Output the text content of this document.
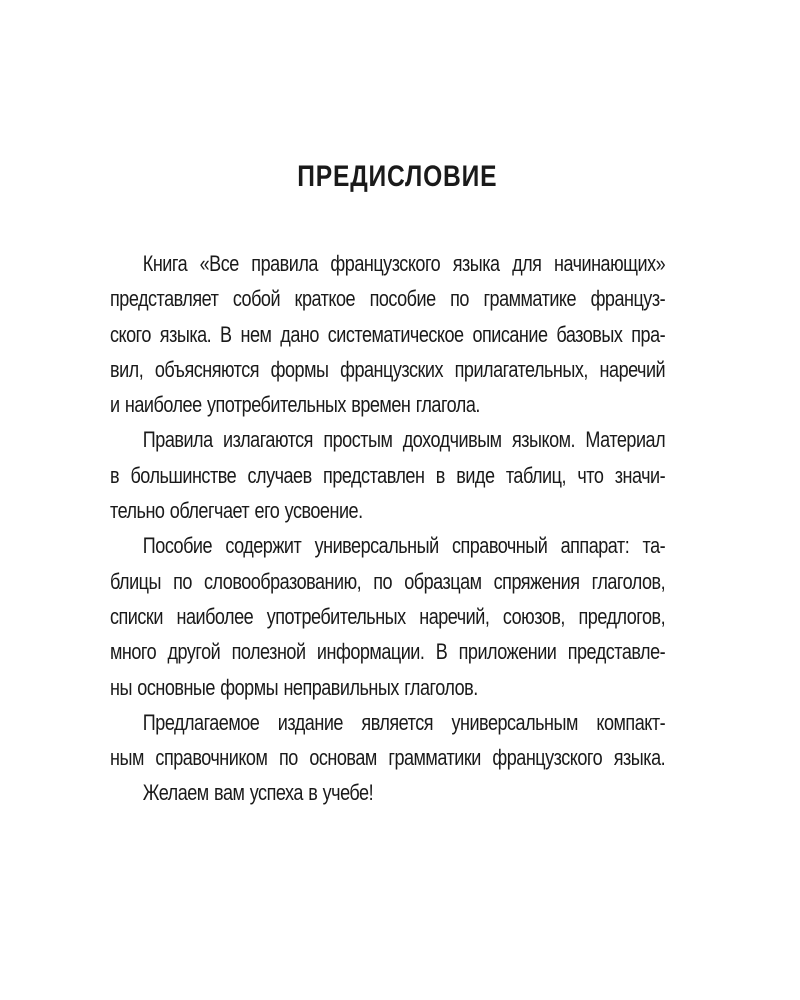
ПРЕДИСЛОВИЕ
Книга «Все правила французского языка для начинающих»
представляет собой краткое пособие по грамматике француз-
ского языка. В нем дано систематическое описание базовых пра-
вил, объясняются формы французских прилагательных, наречий
и наиболее употребительных времен глагола.
Правила излагаются простым доходчивым языком. Материал
в большинстве случаев представлен в виде таблиц, что значи-
тельно облегчает его усвоение.
Пособие содержит универсальный справочный аппарат: та-
блицы по словообразованию, по образцам спряжения глаголов,
списки наиболее употребительных наречий, союзов, предлогов,
много другой полезной информации. В приложении представле-
ны основные формы неправильных глаголов.
Предлагаемое издание является универсальным компакт-
ным справочником по основам грамматики французского языка.
Желаем вам успеха в учебе!
